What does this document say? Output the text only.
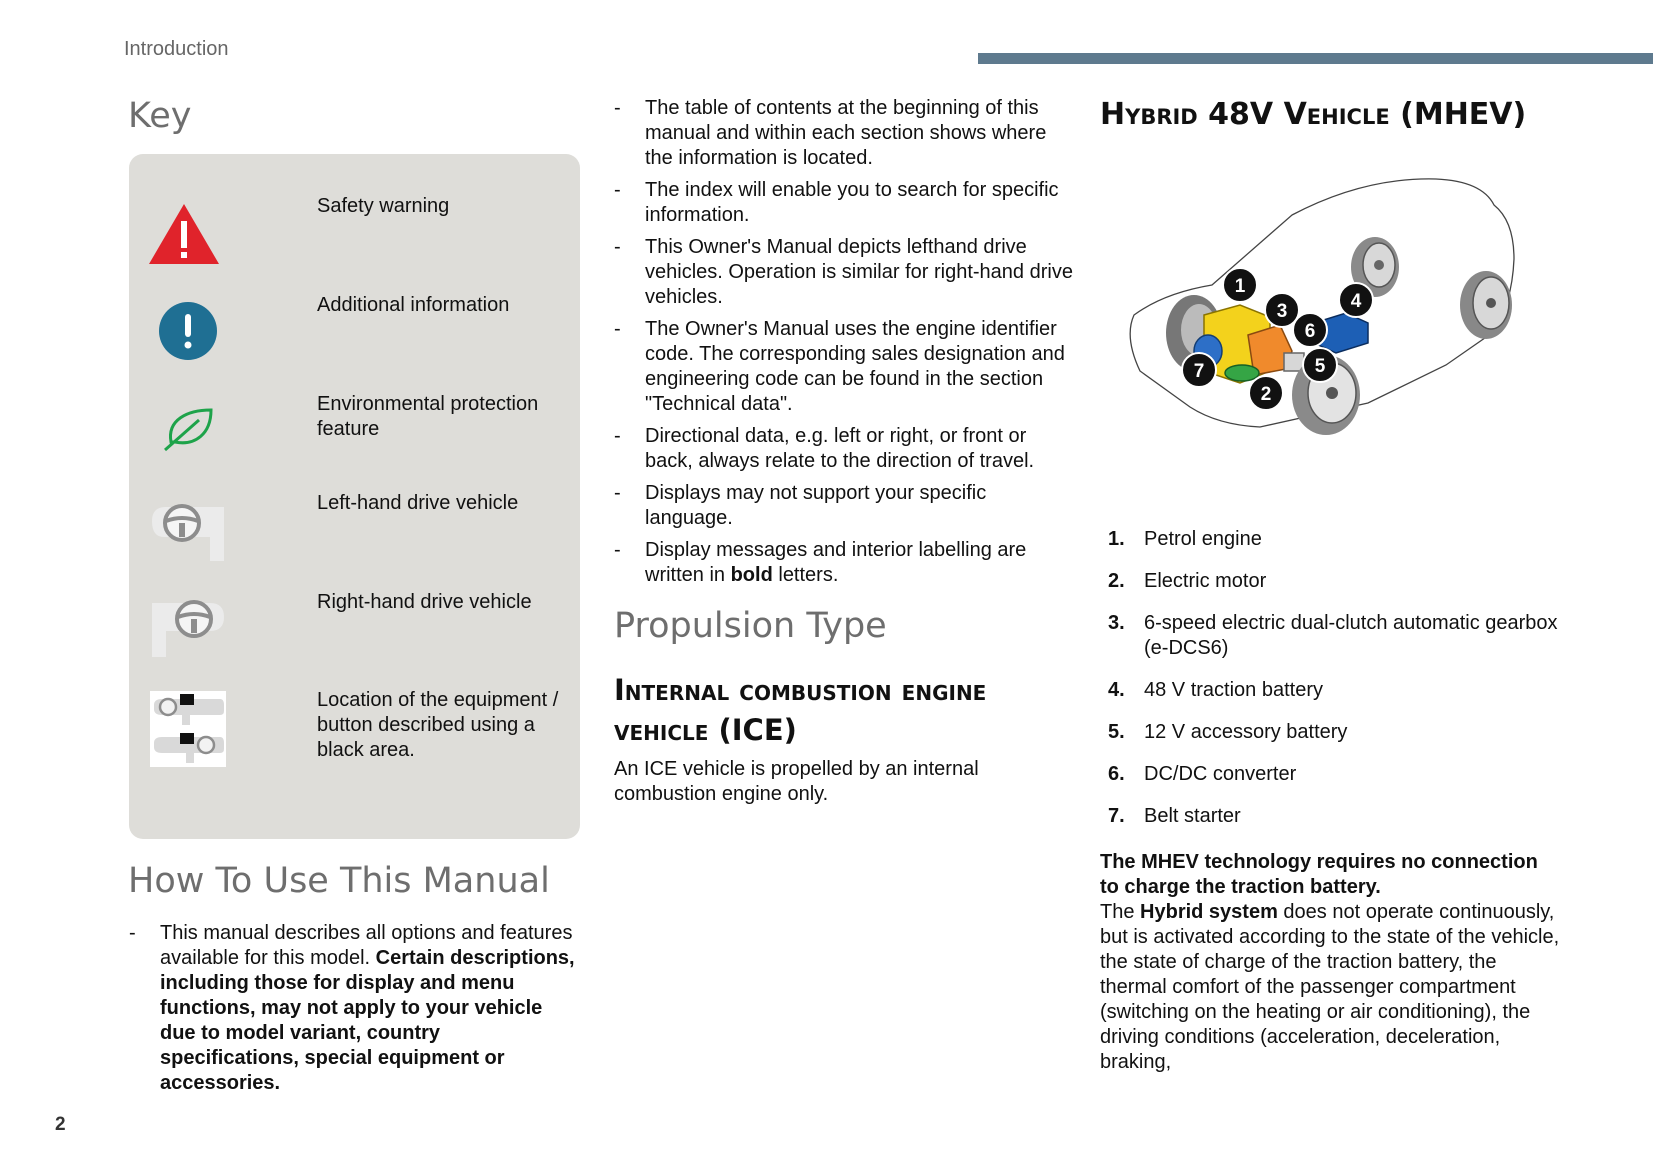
Introduction
Key
Safety warning
Additional information
Environmental protection feature
Left-hand drive vehicle
Right-hand drive vehicle
Location of the equipment / button described using a black area.
How To Use This Manual
- This manual describes all options and features available for this model. Certain descriptions, including those for display and menu functions, may not apply to your vehicle due to model variant, country specifications, special equipment or accessories.
- The table of contents at the beginning of this manual and within each section shows where the information is located.
- The index will enable you to search for specific information.
- This Owner's Manual depicts lefthand drive vehicles. Operation is similar for right-hand drive vehicles.
- The Owner's Manual uses the engine identifier code. The corresponding sales designation and engineering code can be found in the section "Technical data".
- Directional data, e.g. left or right, or front or back, always relate to the direction of travel.
- Displays may not support your specific language.
- Display messages and interior labelling are written in bold letters.
Propulsion Type
Internal combustion engine vehicle (ICE)

An ICE vehicle is propelled by an internal combustion engine only.

Hybrid 48V Vehicle (MHEV)
1
2
3	4
5
6
7
1. Petrol engine
2. Electric motor
3. 6-speed electric dual-clutch automatic gearbox (e-DCS6)
4. 48 V traction battery
5. 12 V accessory battery
6. DC/DC converter
7. Belt starter

The MHEV technology requires no connection to charge the traction battery.
The Hybrid system does not operate continuously, but is activated according to the state of the vehicle, the state of charge of the traction battery, the thermal comfort of the passenger compartment (switching on the heating or air conditioning), the driving conditions (acceleration, deceleration, braking,

2
